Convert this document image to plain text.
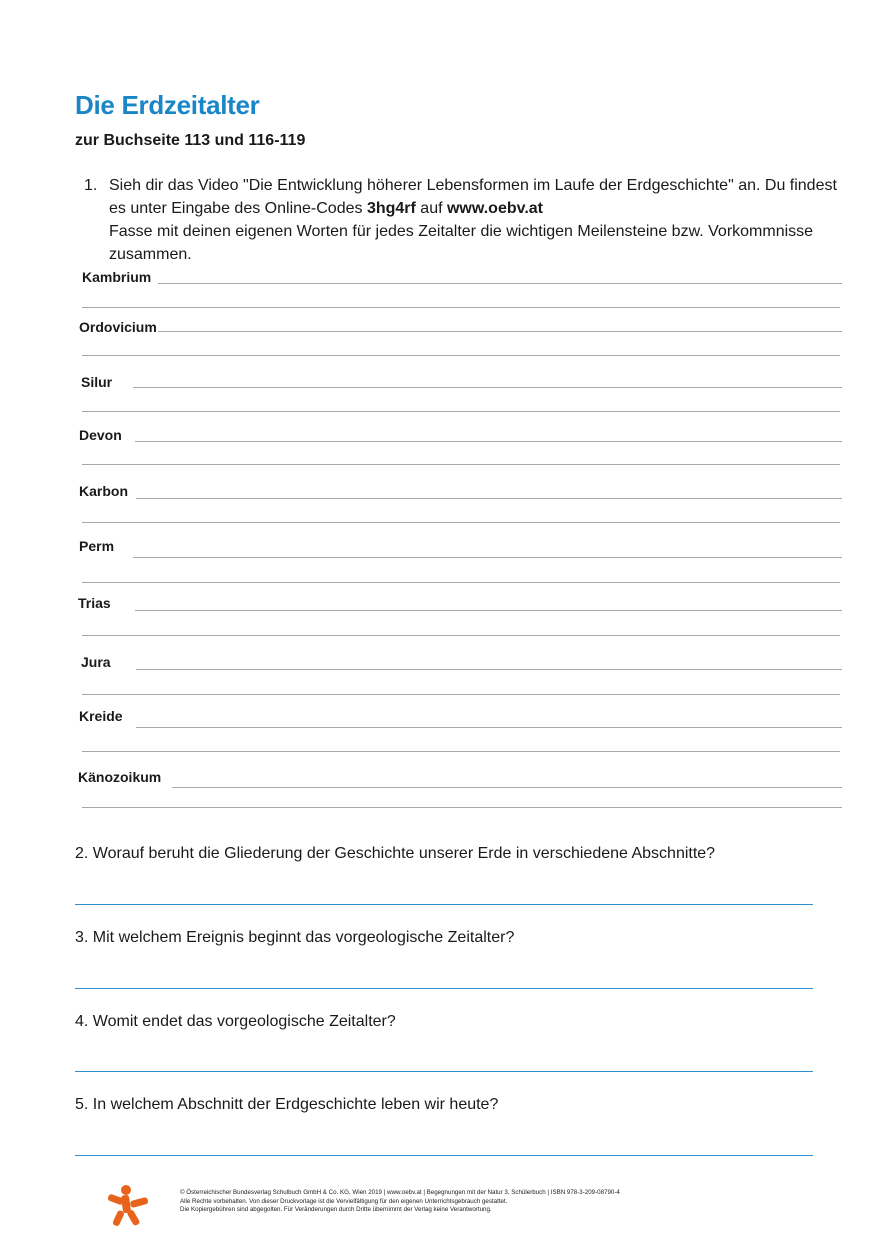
Die Erdzeitalter
zur Buchseite 113 und 116-119
1. Sieh dir das Video "Die Entwicklung höherer Lebensformen im Laufe der Erdgeschichte" an. Du findest es unter Eingabe des Online-Codes 3hg4rf auf www.oebv.at
Fasse mit deinen eigenen Worten für jedes Zeitalter die wichtigen Meilensteine bzw. Vorkommnisse zusammen.
Kambrium
Ordovicium
Silur
Devon
Karbon
Perm
Trias
Jura
Kreide
Känozoikum
2. Worauf beruht die Gliederung der Geschichte unserer Erde in verschiedene Abschnitte?
3. Mit welchem Ereignis beginnt das vorgeologische Zeitalter?
4. Womit endet das vorgeologische Zeitalter?
5. In welchem Abschnitt der Erdgeschichte leben wir heute?
© Österreichischer Bundesverlag Schulbuch GmbH & Co. KG, Wien 2019 | www.oebv.at | Begegnungen mit der Natur 3, Schülerbuch | ISBN 978-3-209-08790-4
Alle Rechte vorbehalten. Von dieser Druckvorlage ist die Vervielfältigung für den eigenen Unterrichtsgebrauch gestattet.
Die Kopiergebühren sind abgegolten. Für Veränderungen durch Dritte übernimmt der Verlag keine Verantwortung.
